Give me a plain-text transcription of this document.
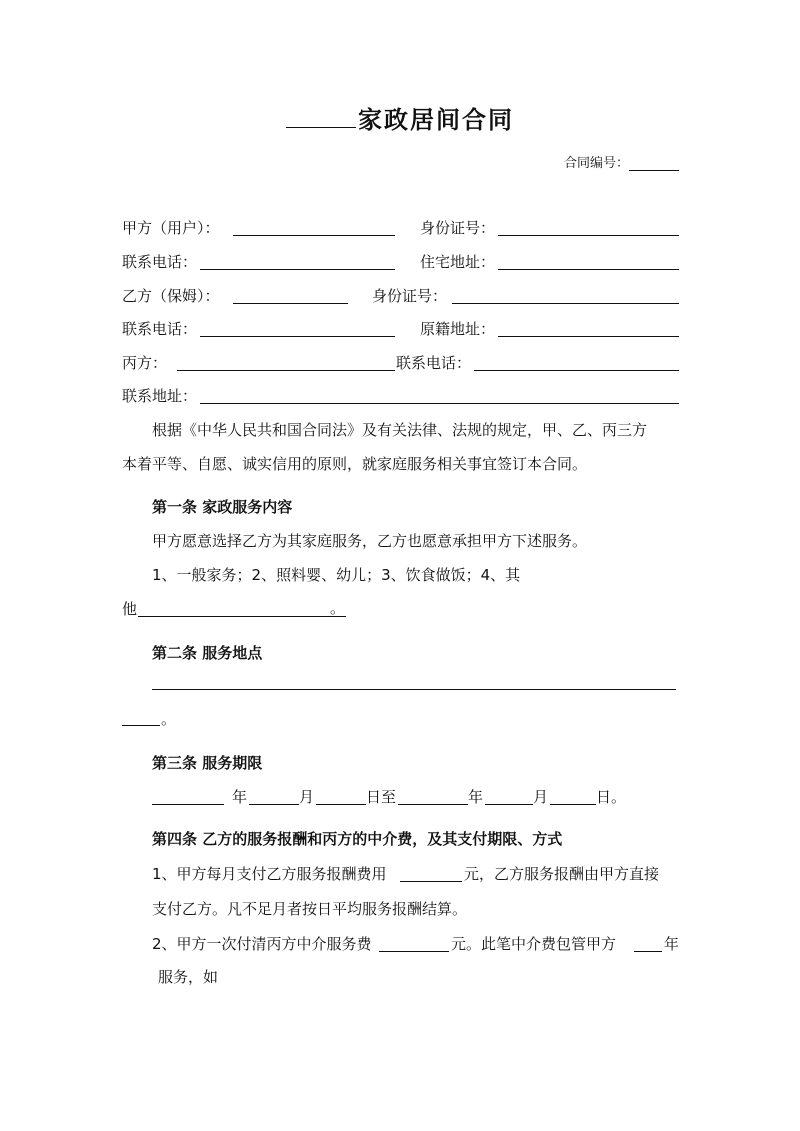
家政居间合同
合同编号：
甲方（用户）：	身份证号：
联系电话：	住宅地址：
乙方（保姆）：	身份证号：
联系电话：	原籍地址：
丙方：	联系电话：
联系地址：
根据《中华人民共和国合同法》及有关法律、法规的规定，甲、乙、丙三方
本着平等、自愿、诚实信用的原则，就家庭服务相关事宜签订本合同。
第一条 家政服务内容
甲方愿意选择乙方为其家庭服务，乙方也愿意承担甲方下述服务。
1、一般家务；2、照料婴、幼儿；3、饮食做饭；4、其
他	。
第二条 服务地点
。
第三条 服务期限
年	月	日至	年	月	日。
第四条 乙方的服务报酬和丙方的中介费，及其支付期限、方式
1、甲方每月支付乙方服务报酬费用	元，乙方服务报酬由甲方直接
支付乙方。凡不足月者按日平均服务报酬结算。
2、甲方一次付清丙方中介服务费	元。此笔中介费包管甲方	年
服务，如
